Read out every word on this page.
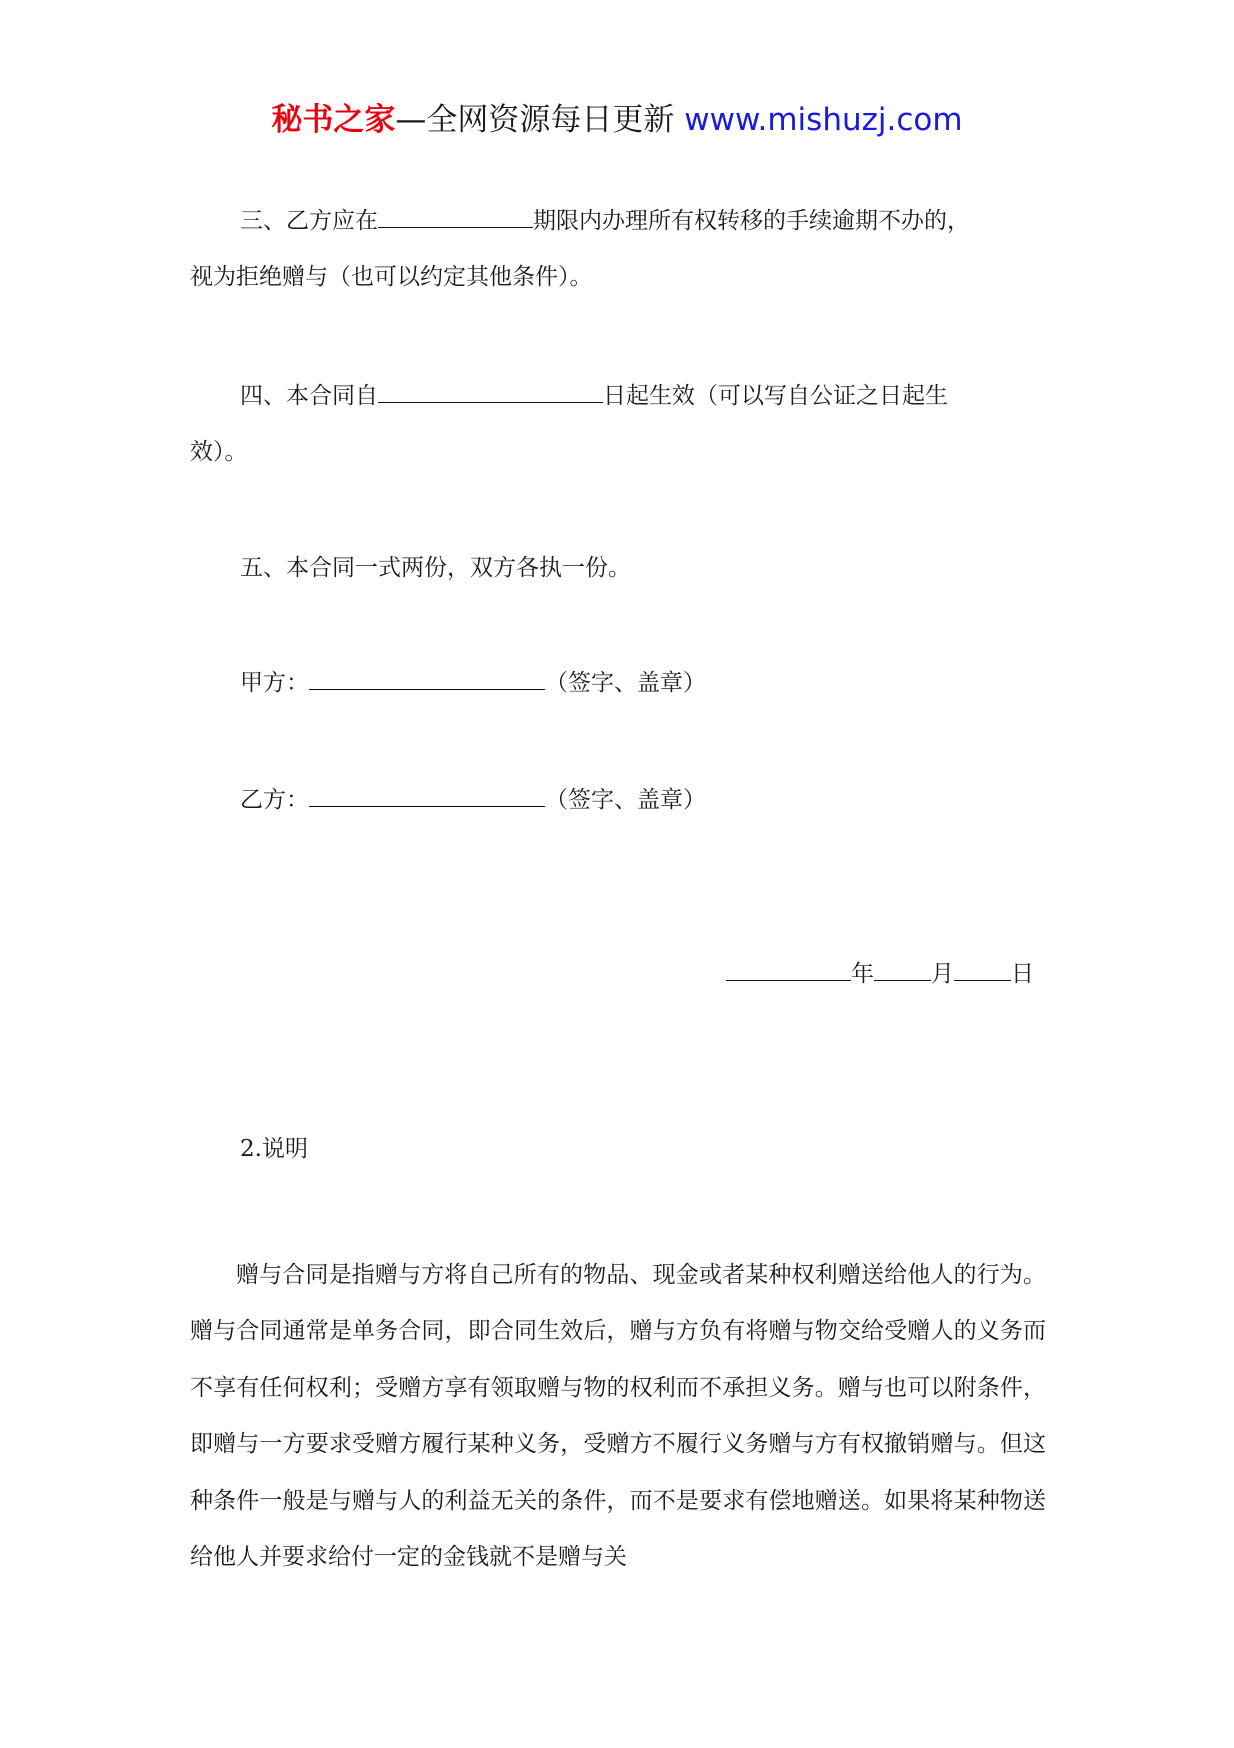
秘书之家—全网资源每日更新 www.mishuzj.com

三、乙方应在	期限内办理所有权转移的手续逾期不办的，

视为拒绝赠与（也可以约定其他条件）。

四、本合同自	日起生效（可以写自公证之日起生

效）。

五、本合同一式两份，双方各执一份。

甲方：	（签字、盖章）

乙方：	（签字、盖章）

年 月 日

2.说明

赠与合同是指赠与方将自己所有的物品、现金或者某种权利赠送给他人的行为。赠与合同通常是单务合同，即合同生效后，赠与方负有将赠与物交给受赠人的义务而不享有任何权利；受赠方享有领取赠与物的权利而不承担义务。赠与也可以附条件，即赠与一方要求受赠方履行某种义务，受赠方不履行义务赠与方有权撤销赠与。但这种条件一般是与赠与人的利益无关的条件，而不是要求有偿地赠送。如果将某种物送给他人并要求给付一定的金钱就不是赠与关
